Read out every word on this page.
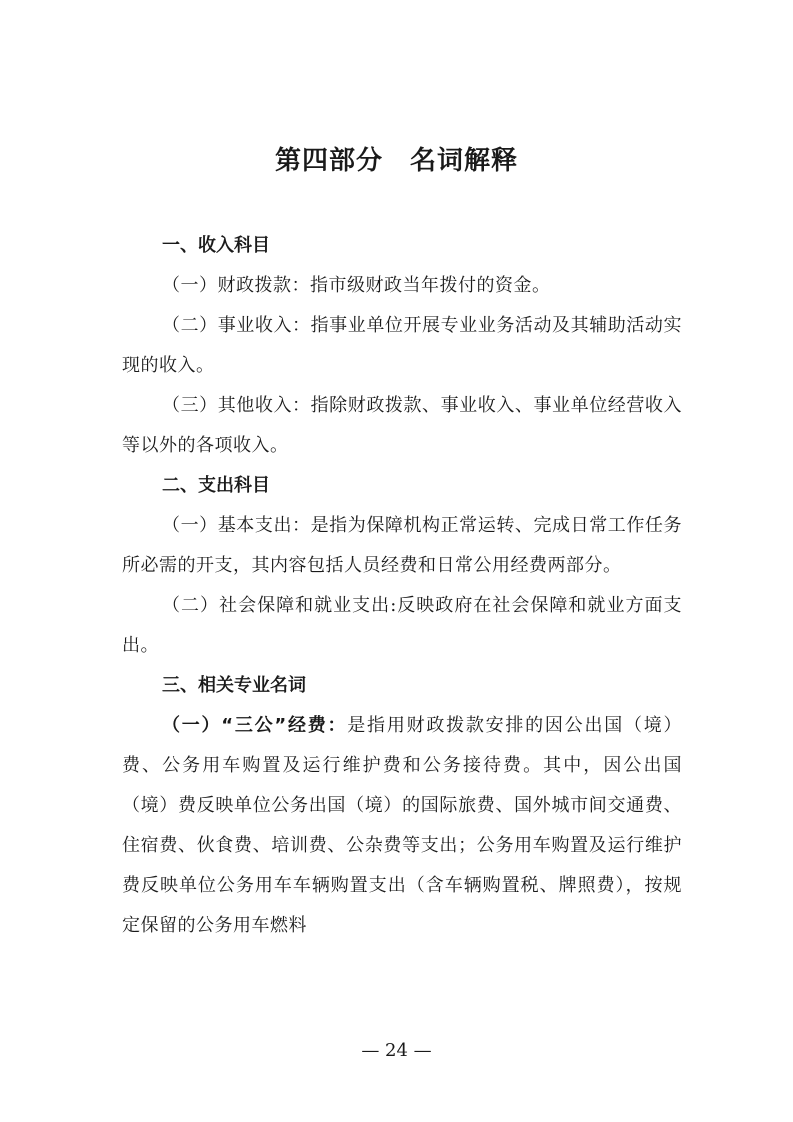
第四部分　名词解释

一、收入科目

（一）财政拨款：指市级财政当年拨付的资金。

（二）事业收入：指事业单位开展专业业务活动及其辅助活动实现的收入。

（三）其他收入：指除财政拨款、事业收入、事业单位经营收入等以外的各项收入。

二、支出科目

（一）基本支出：是指为保障机构正常运转、完成日常工作任务所必需的开支，其内容包括人员经费和日常公用经费两部分。

（二）社会保障和就业支出:反映政府在社会保障和就业方面支出。

三、相关专业名词

（一）“三公”经费：是指用财政拨款安排的因公出国（境）费、公务用车购置及运行维护费和公务接待费。其中，因公出国（境）费反映单位公务出国（境）的国际旅费、国外城市间交通费、住宿费、伙食费、培训费、公杂费等支出；公务用车购置及运行维护费反映单位公务用车车辆购置支出（含车辆购置税、牌照费），按规定保留的公务用车燃料

— 24 —
